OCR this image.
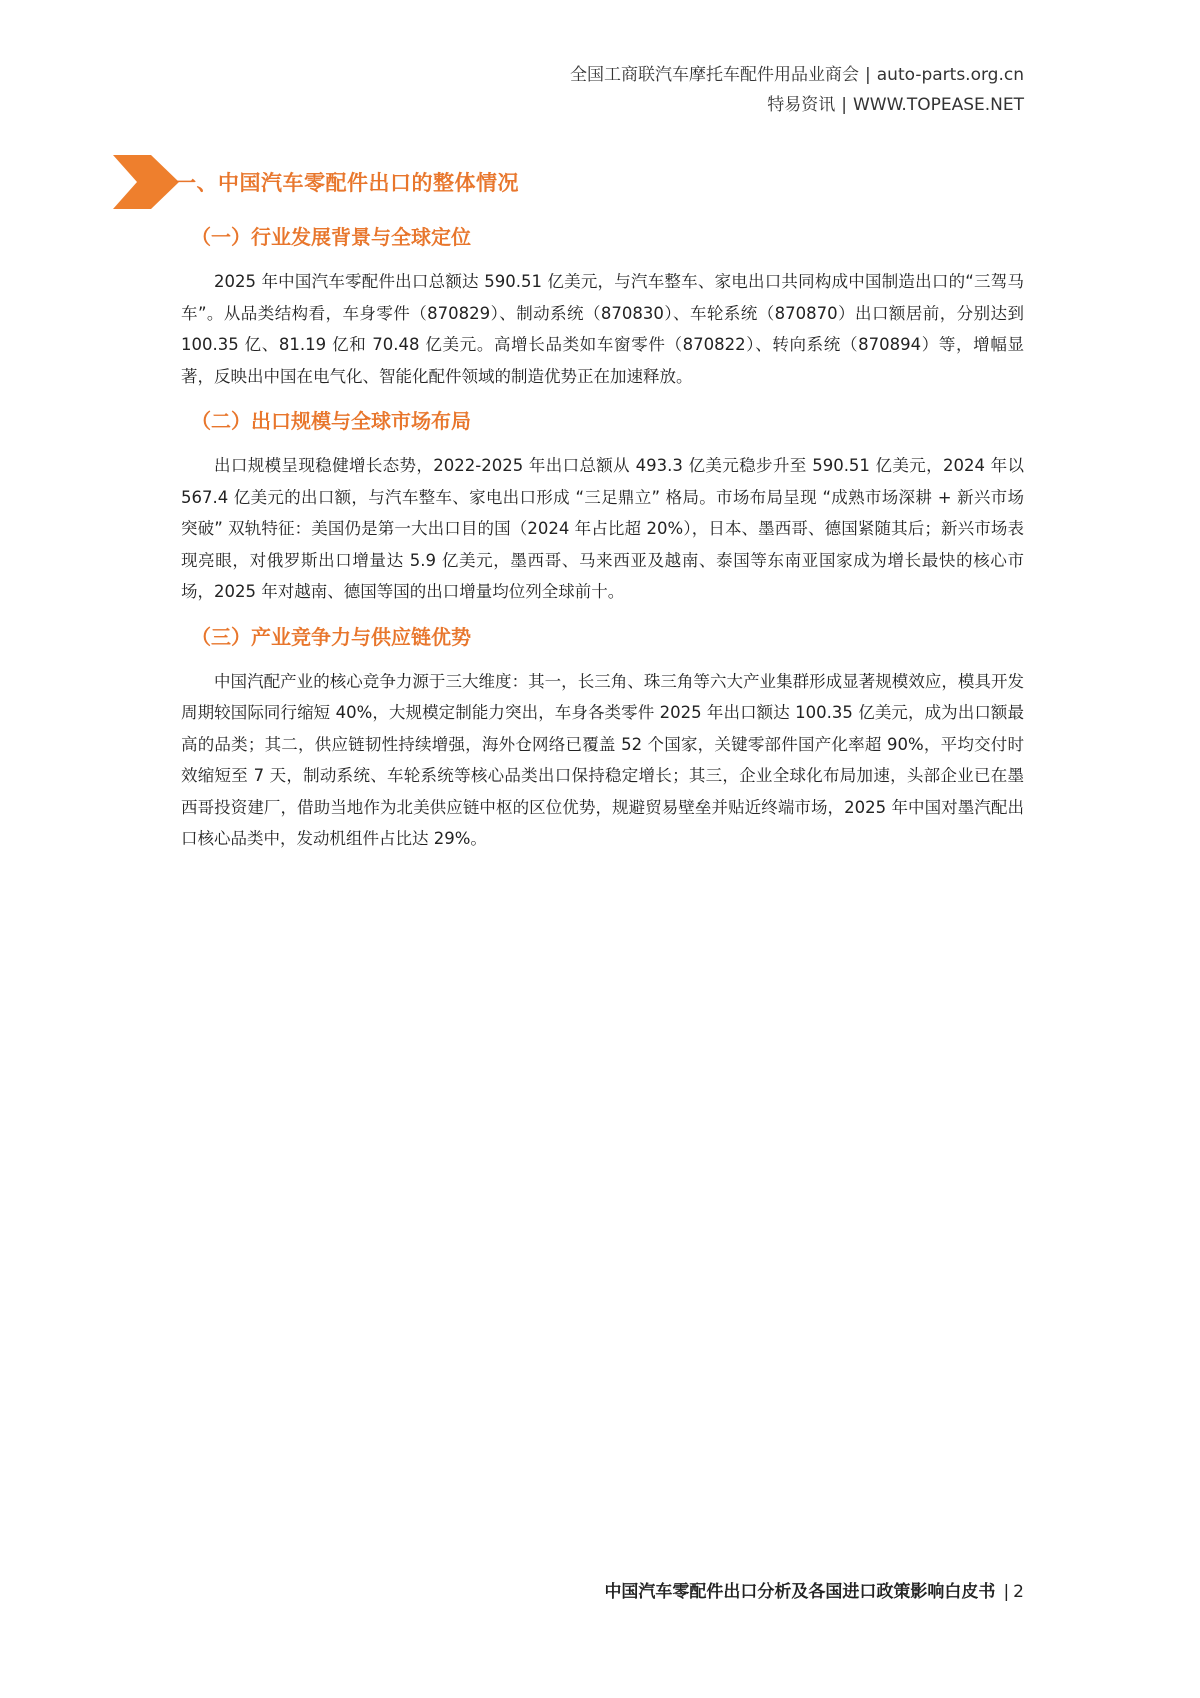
全国工商联汽车摩托车配件用品业商会 | auto-parts.org.cn
特易资讯 | WWW.TOPEASE.NET
一、中国汽车零配件出口的整体情况
（一）行业发展背景与全球定位

2025 年中国汽车零配件出口总额达 590.51 亿美元，与汽车整车、家电出口共同构成中国制造出口的“三驾马车”。从品类结构看，车身零件（870829）、制动系统（870830）、车轮系统（870870）出口额居前，分别达到 100.35 亿、81.19 亿和 70.48 亿美元。高增长品类如车窗零件（870822）、转向系统（870894）等，增幅显著，反映出中国在电气化、智能化配件领域的制造优势正在加速释放。

（二）出口规模与全球市场布局

出口规模呈现稳健增长态势，2022-2025 年出口总额从 493.3 亿美元稳步升至 590.51 亿美元，2024 年以 567.4 亿美元的出口额，与汽车整车、家电出口形成 “三足鼎立” 格局。市场布局呈现 “成熟市场深耕 + 新兴市场突破” 双轨特征：美国仍是第一大出口目的国（2024 年占比超 20%），日本、墨西哥、德国紧随其后；新兴市场表现亮眼，对俄罗斯出口增量达 5.9 亿美元，墨西哥、马来西亚及越南、泰国等东南亚国家成为增长最快的核心市场，2025 年对越南、德国等国的出口增量均位列全球前十。

（三）产业竞争力与供应链优势

中国汽配产业的核心竞争力源于三大维度：其一，长三角、珠三角等六大产业集群形成显著规模效应，模具开发周期较国际同行缩短 40%，大规模定制能力突出，车身各类零件 2025 年出口额达 100.35 亿美元，成为出口额最高的品类；其二，供应链韧性持续增强，海外仓网络已覆盖 52 个国家，关键零部件国产化率超 90%，平均交付时效缩短至 7 天，制动系统、车轮系统等核心品类出口保持稳定增长；其三，企业全球化布局加速，头部企业已在墨西哥投资建厂，借助当地作为北美供应链中枢的区位优势，规避贸易壁垒并贴近终端市场，2025 年中国对墨汽配出口核心品类中，发动机组件占比达 29%。

中国汽车零配件出口分析及各国进口政策影响白皮书 | 2
